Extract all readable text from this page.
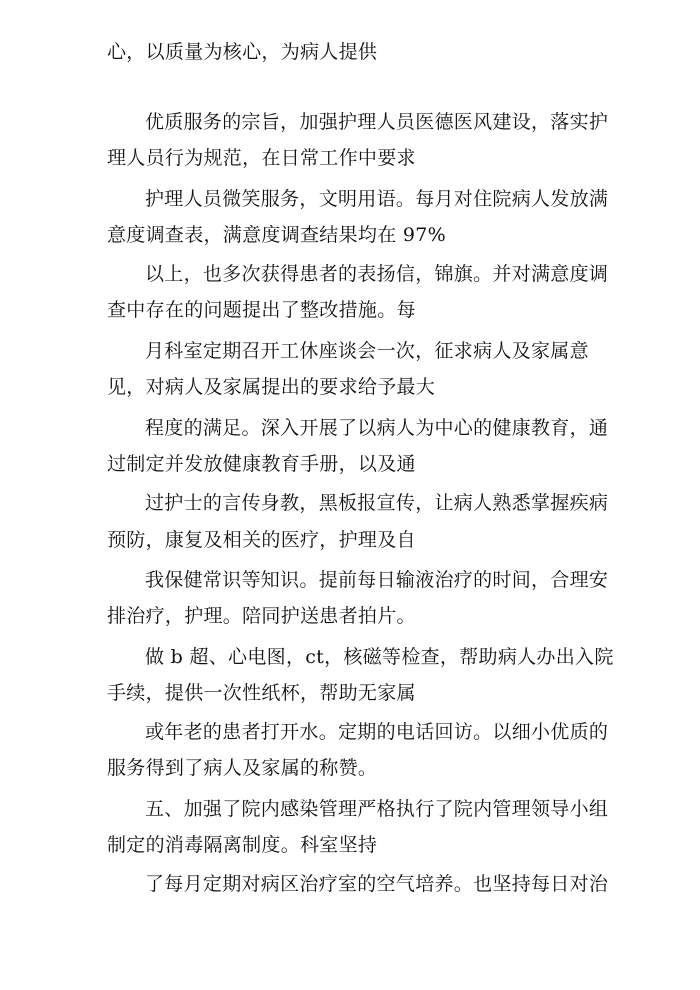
心，以质量为核心，为病人提供
优质服务的宗旨，加强护理人员医德医风建设，落实护
理人员行为规范，在日常工作中要求
护理人员微笑服务，文明用语。每月对住院病人发放满
意度调查表，满意度调查结果均在 97%
以上，也多次获得患者的表扬信，锦旗。并对满意度调
查中存在的问题提出了整改措施。每
月科室定期召开工休座谈会一次，征求病人及家属意
见，对病人及家属提出的要求给予最大
程度的满足。深入开展了以病人为中心的健康教育，通
过制定并发放健康教育手册，以及通
过护士的言传身教，黑板报宣传，让病人熟悉掌握疾病
预防，康复及相关的医疗，护理及自
我保健常识等知识。提前每日输液治疗的时间，合理安
排治疗，护理。陪同护送患者拍片。
做 b 超、心电图，ct，核磁等检查，帮助病人办出入院
手续，提供一次性纸杯，帮助无家属
或年老的患者打开水。定期的电话回访。以细小优质的
服务得到了病人及家属的称赞。
五、加强了院内感染管理严格执行了院内管理领导小组
制定的消毒隔离制度。科室坚持
了每月定期对病区治疗室的空气培养。也坚持每日对治
